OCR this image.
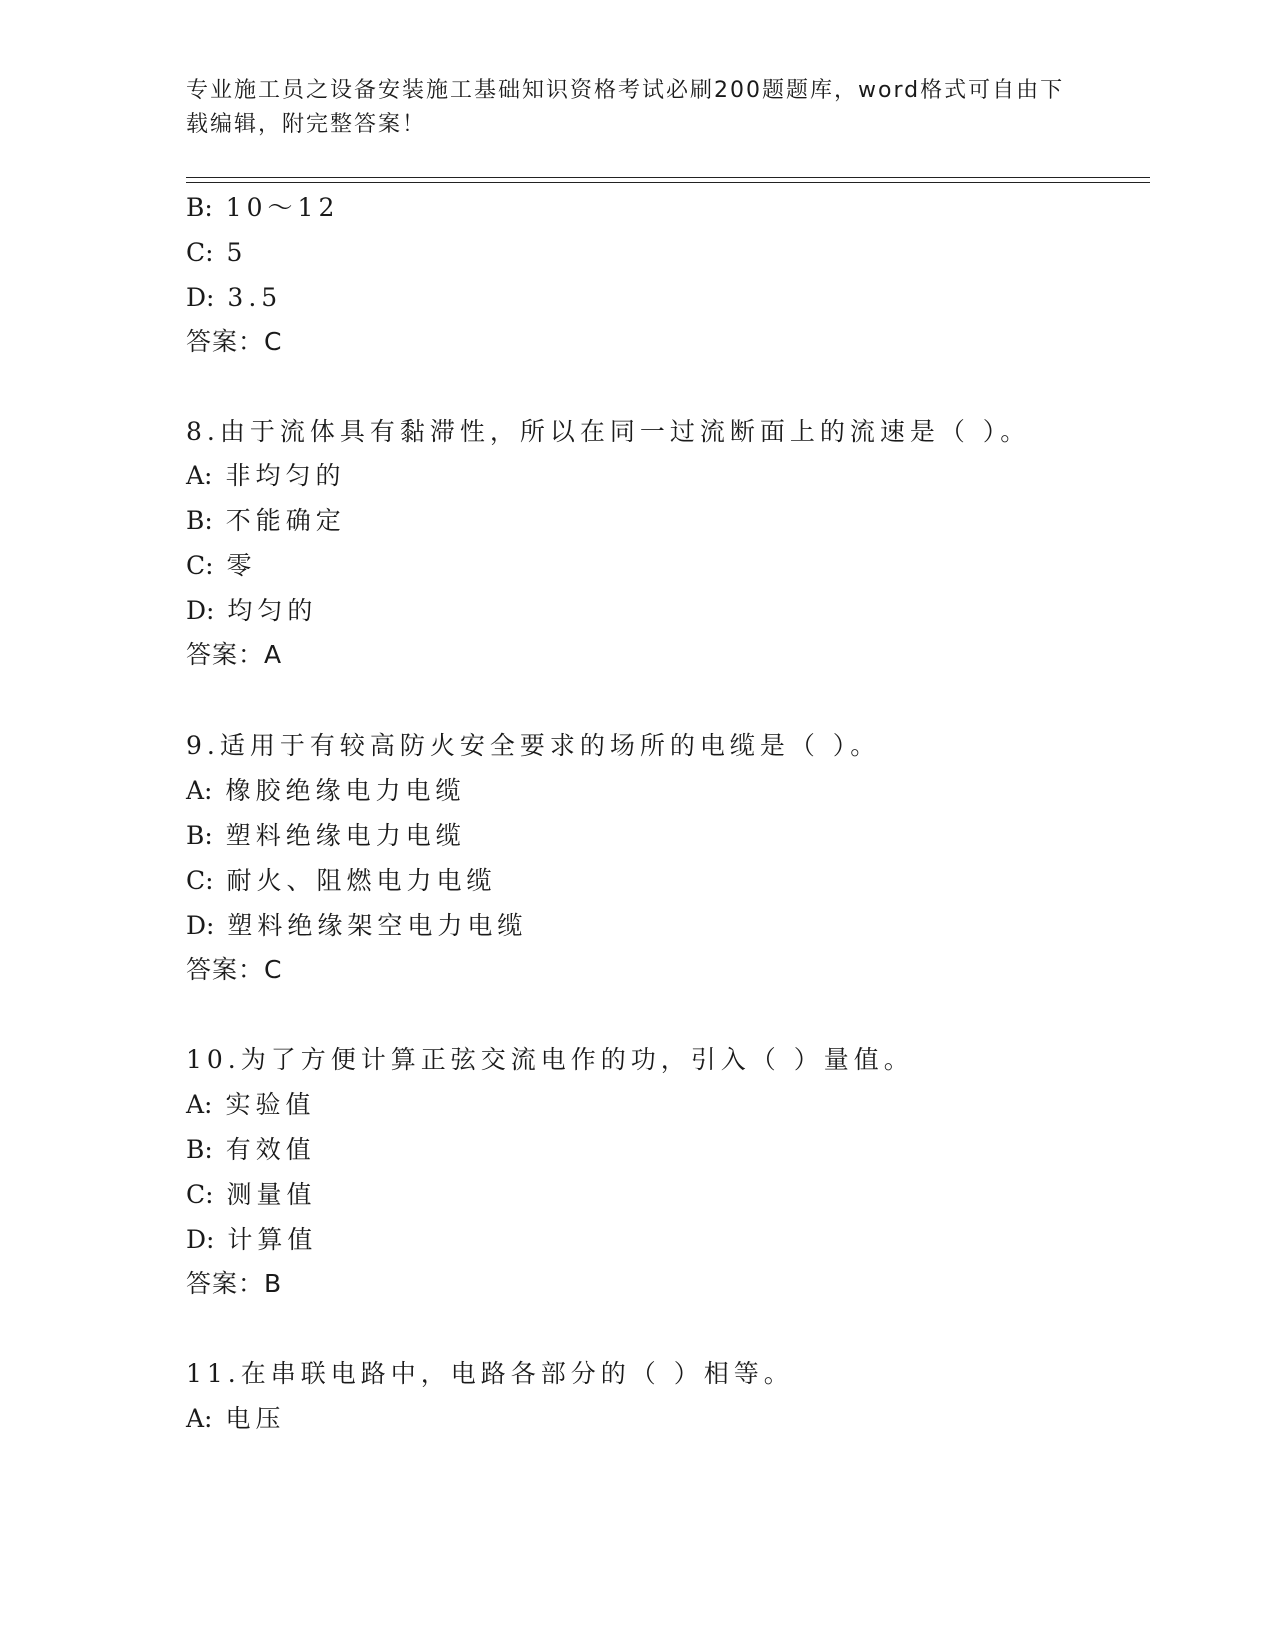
专业施工员之设备安装施工基础知识资格考试必刷200题题库，word格式可自由下载编辑，附完整答案！
B: 10～12
C: 5
D: 3.5
答案：C
8.由于流体具有黏滞性，所以在同一过流断面上的流速是（ ）。
A: 非均匀的
B: 不能确定
C: 零
D: 均匀的
答案：A
9.适用于有较高防火安全要求的场所的电缆是（ ）。
A: 橡胶绝缘电力电缆
B: 塑料绝缘电力电缆
C: 耐火、阻燃电力电缆
D: 塑料绝缘架空电力电缆
答案：C
10.为了方便计算正弦交流电作的功，引入（ ）量值。
A: 实验值
B: 有效值
C: 测量值
D: 计算值
答案：B
11.在串联电路中，电路各部分的（ ）相等。
A: 电压
